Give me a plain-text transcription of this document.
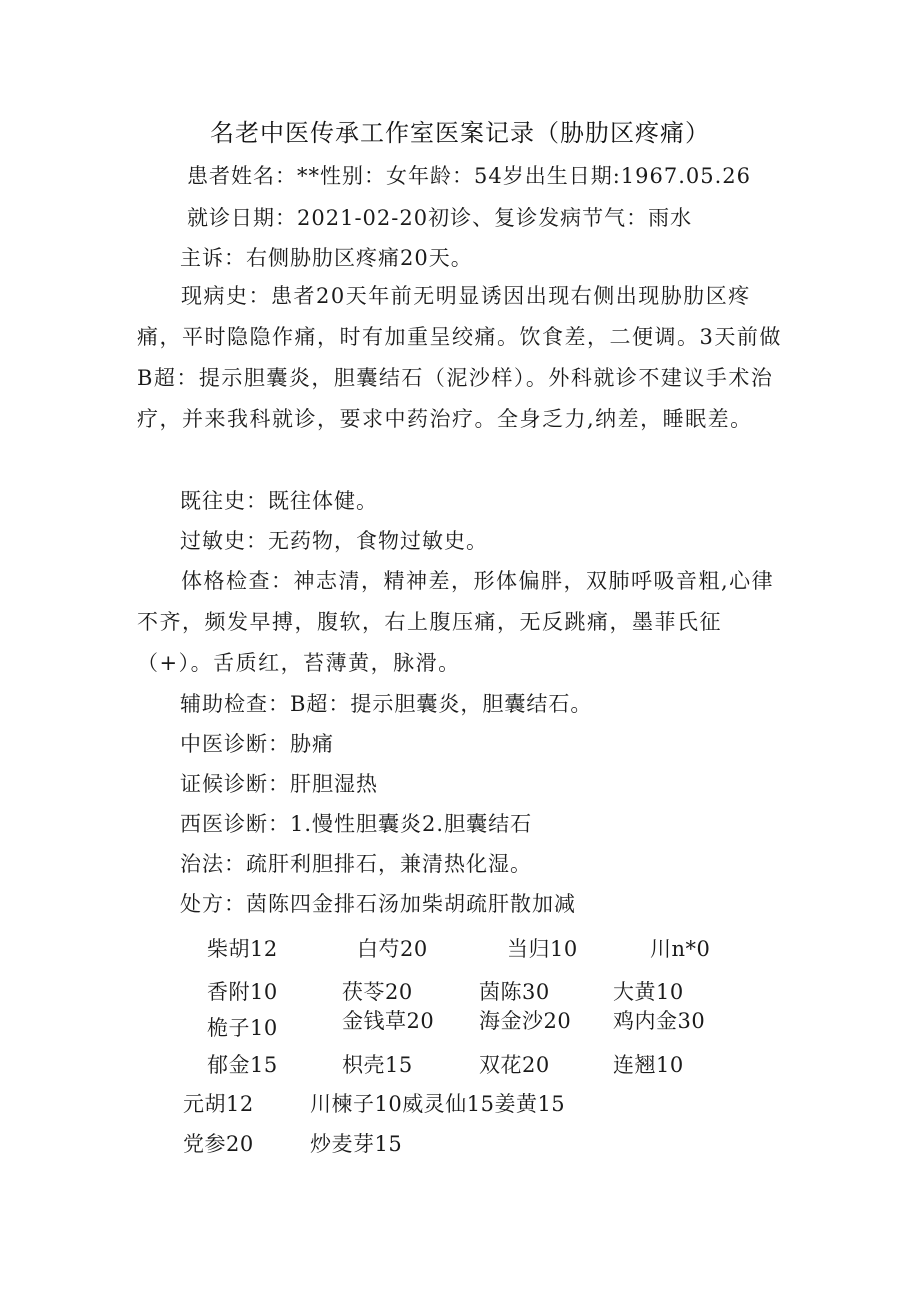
名老中医传承工作室医案记录（胁肋区疼痛）
患者姓名：**性别：女年龄：54岁出生日期:1967.05.26
就诊日期：2021-02-20初诊、复诊发病节气：雨水
主诉：右侧胁肋区疼痛20天。
现病史：患者20天年前无明显诱因出现右侧出现胁肋区疼痛，平时隐隐作痛，时有加重呈绞痛。饮食差，二便调。3天前做B超：提示胆囊炎，胆囊结石（泥沙样）。外科就诊不建议手术治疗，并来我科就诊，要求中药治疗。全身乏力,纳差，睡眠差。
既往史：既往体健。
过敏史：无药物，食物过敏史。
体格检查：神志清，精神差，形体偏胖，双肺呼吸音粗,心律不齐，频发早搏，腹软，右上腹压痛，无反跳痛，墨菲氏征（+）。舌质红，苔薄黄，脉滑。
辅助检查：B超：提示胆囊炎，胆囊结石。
中医诊断：胁痛
证候诊断：肝胆湿热
西医诊断：1.慢性胆囊炎2.胆囊结石
治法：疏肝利胆排石，兼清热化湿。
处方：茵陈四金排石汤加柴胡疏肝散加减
柴胡12	白芍20	当归10	川n*0
香附10	茯苓20	茵陈30	大黄10
桅子10	金钱草20 海金沙20 鸡内金30
郁金15	枳壳15	双花20	连翘10
元胡12	川楝子10威灵仙15姜黄15
党参20	炒麦芽15
